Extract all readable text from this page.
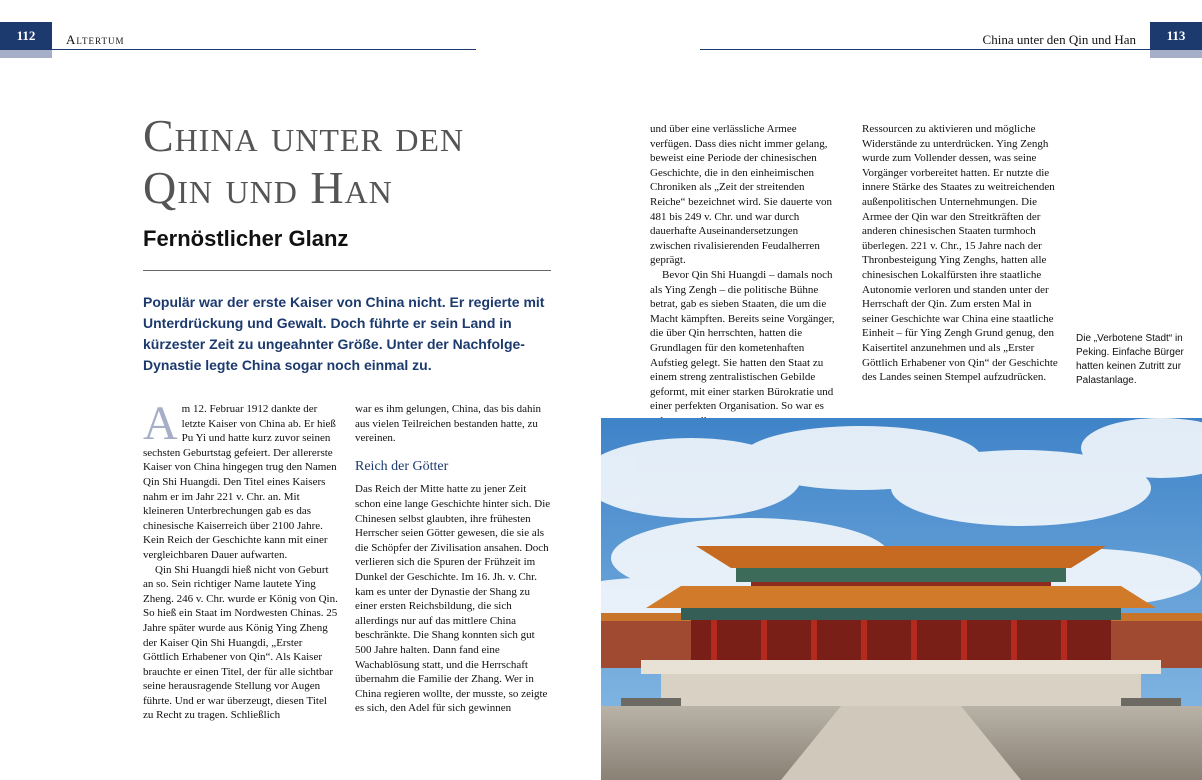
112	Altertum	China unter den Qin und Han	113
China unter den
Qin und Han
Fernöstlicher Glanz

Populär war der erste Kaiser von China nicht. Er regierte mit Unterdrückung und Gewalt. Doch führte er sein Land in kürzester Zeit zu ungeahnter Größe. Unter der Nachfolge-Dynastie legte China sogar noch einmal zu.

Am 12. Februar 1912 dankte der letzte Kaiser von China ab. Er hieß Pu Yi und hatte kurz zuvor seinen sechsten Geburtstag gefeiert. Der allererste Kaiser von China hingegen trug den Namen Qin Shi Huangdi. Den Titel eines Kaisers nahm er im Jahr 221 v. Chr. an. Mit kleineren Unterbrechungen gab es das chinesische Kaiserreich über 2100 Jahre. Kein Reich der Geschichte kann mit einer vergleichbaren Dauer aufwarten.

Qin Shi Huangdi hieß nicht von Geburt an so. Sein richtiger Name lautete Ying Zheng. 246 v. Chr. wurde er König von Qin. So hieß ein Staat im Nordwesten Chinas. 25 Jahre später wurde aus König Ying Zheng der Kaiser Qin Shi Huangdi, „Erster Göttlich Erhabener von Qin“. Als Kaiser brauchte er einen Titel, der für alle sichtbar seine herausragende Stellung vor Augen führte. Und er war überzeugt, diesen Titel zu Recht zu tragen. Schließlich

war es ihm gelungen, China, das bis dahin aus vielen Teilreichen bestanden hatte, zu vereinen.

Reich der Götter

Das Reich der Mitte hatte zu jener Zeit schon eine lange Geschichte hinter sich. Die Chinesen selbst glaubten, ihre frühesten Herrscher seien Götter gewesen, die sie als die Schöpfer der Zivilisation ansahen. Doch verlieren sich die Spuren der Frühzeit im Dunkel der Geschichte. Im 16. Jh. v. Chr. kam es unter der Dynastie der Shang zu einer ersten Reichsbildung, die sich allerdings nur auf das mittlere China beschränkte. Die Shang konnten sich gut 500 Jahre halten. Dann fand eine Wachablösung statt, und die Herrschaft übernahm die Familie der Zhang. Wer in China regieren wollte, der musste, so zeigte es sich, den Adel für sich gewinnen

und über eine verlässliche Armee verfügen. Dass dies nicht immer gelang, beweist eine Periode der chinesischen Geschichte, die in den einheimischen Chroniken als „Zeit der streitenden Reiche“ bezeichnet wird. Sie dauerte von 481 bis 249 v. Chr. und war durch dauerhafte Auseinandersetzungen zwischen rivalisierenden Feudalherren geprägt.

Bevor Qin Shi Huangdi – damals noch als Ying Zengh – die politische Bühne betrat, gab es sieben Staaten, die um die Macht kämpften. Bereits seine Vorgänger, die über Qin herrschten, hatten die Grundlagen für den kometenhaften Aufstieg gelegt. Sie hatten den Staat zu einem streng zentralistischen Gebilde geformt, mit einer starken Bürokratie und einer perfekten Organisation. So war es

Ressourcen zu aktivieren und mögliche Widerstände zu unterdrücken. Ying Zengh wurde zum Vollender dessen, was seine Vorgänger vorbereitet hatten. Er nutzte die innere Stärke des Staates zu weitreichenden außenpolitischen Unternehmungen. Die Armee der Qin war den Streitkräften der anderen chinesischen Staaten turmhoch überlegen. 221 v. Chr., 15 Jahre nach der Thronbesteigung Ying Zenghs, hatten alle chinesischen Lokalfürsten ihre staatliche Autonomie verloren und standen unter der Herrschaft der Qin. Zum ersten Mal in seiner Geschichte war China eine staatliche Einheit – für Ying Zengh Grund genug, den Kaisertitel anzunehmen und als „Erster Göttlich Erhabener von Qin“ der Geschichte des Landes seinen Stempel aufzudrücken.

Die „Verbotene Stadt“ in Peking. Einfache Bürger hatten keinen Zutritt zur Palastanlage.
